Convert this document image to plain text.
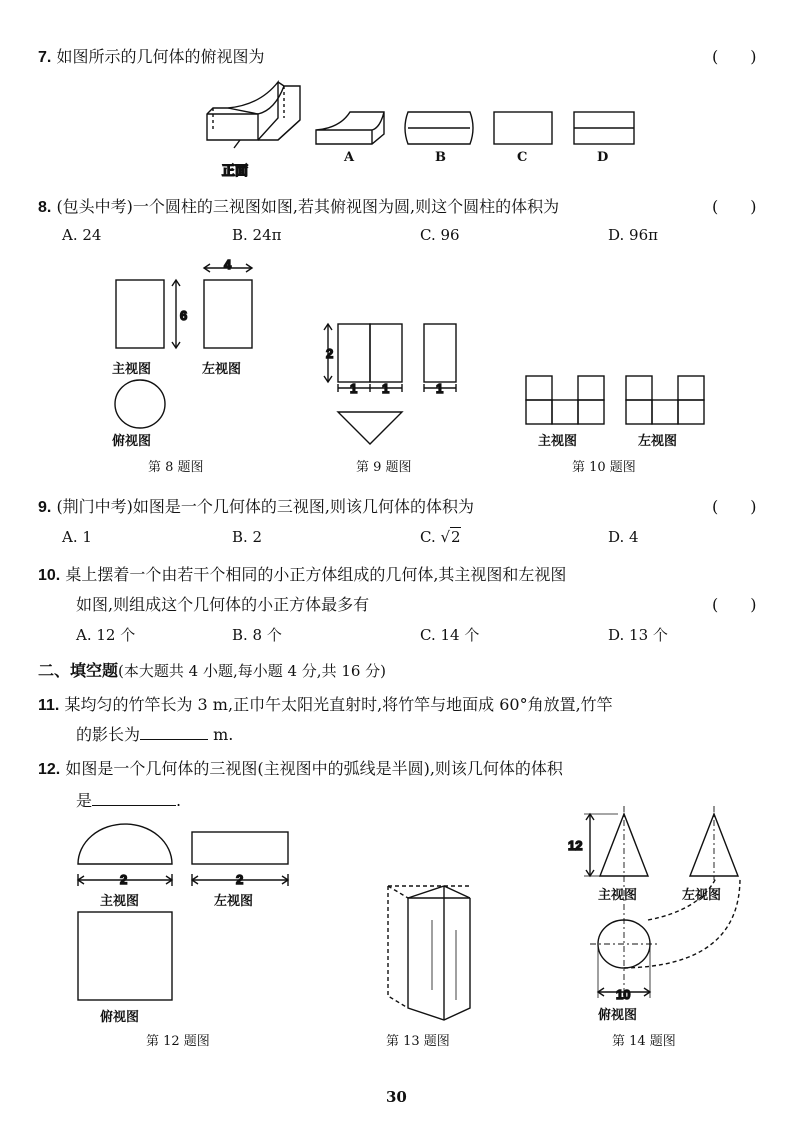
7. 如图所示的几何体的俯视图为	(　　)
正面
4
6
2
1 1	1
2	2
12
10
A	B	C	D
8. (包头中考)一个圆柱的三视图如图,若其俯视图为圆,则这个圆柱的体积为	(　　)
A. 24	B. 24π	C. 96	D. 96π
主视图	左视图
俯视图
第 8 题图	第 9 题图
主视图	左视图
第 10 题图
9. (荆门中考)如图是一个几何体的三视图,则该几何体的体积为	(　　)
A. 1	B. 2	C. √2	D. 4
10. 桌上摆着一个由若干个相同的小正方体组成的几何体,其主视图和左视图
如图,则组成这个几何体的小正方体最多有	(　　)
A. 12 个	B. 8 个	C. 14 个	D. 13 个
二、填空题(本大题共 4 小题,每小题 4 分,共 16 分)
11. 某均匀的竹竿长为 3 m,正巾午太阳光直射时,将竹竿与地面成 60°角放置,竹竿
的影长为	m.
12. 如图是一个几何体的三视图(主视图中的弧线是半圆),则该几何体的体积
是	.
主视图	左视图
俯视图
第 12 题图	第 13 题图
主视图	左视图
俯视图
第 14 题图
30
